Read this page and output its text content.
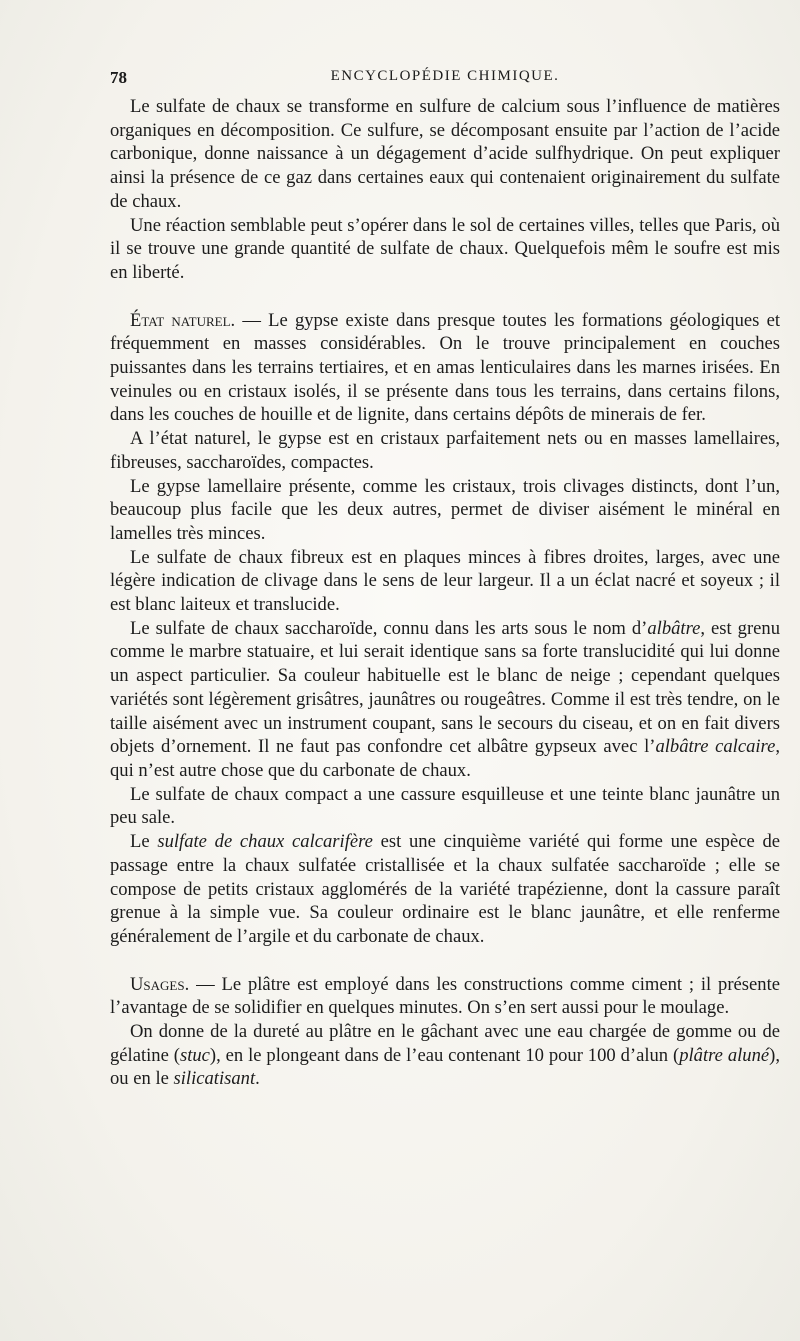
78	ENCYCLOPÉDIE CHIMIQUE.

Le sulfate de chaux se transforme en sulfure de calcium sous l’influence de matières organiques en décomposition. Ce sulfure, se décomposant ensuite par l’action de l’acide carbonique, donne naissance à un dégagement d’acide sulfhydrique. On peut expliquer ainsi la présence de ce gaz dans certaines eaux qui contenaient originairement du sulfate de chaux.

Une réaction semblable peut s’opérer dans le sol de certaines villes, telles que Paris, où il se trouve une grande quantité de sulfate de chaux. Quelquefois mêm le soufre est mis en liberté.

État naturel. — Le gypse existe dans presque toutes les formations géologiques et fréquemment en masses considérables. On le trouve principalement en couches puissantes dans les terrains tertiaires, et en amas lenticulaires dans les marnes irisées. En veinules ou en cristaux isolés, il se présente dans tous les terrains, dans certains filons, dans les couches de houille et de lignite, dans certains dépôts de minerais de fer.

A l’état naturel, le gypse est en cristaux parfaitement nets ou en masses lamellaires, fibreuses, saccharoïdes, compactes.

Le gypse lamellaire présente, comme les cristaux, trois clivages distincts, dont l’un, beaucoup plus facile que les deux autres, permet de diviser aisément le minéral en lamelles très minces.

Le sulfate de chaux fibreux est en plaques minces à fibres droites, larges, avec une légère indication de clivage dans le sens de leur largeur. Il a un éclat nacré et soyeux ; il est blanc laiteux et translucide.

Le sulfate de chaux saccharoïde, connu dans les arts sous le nom d’albâtre, est grenu comme le marbre statuaire, et lui serait identique sans sa forte translucidité qui lui donne un aspect particulier. Sa couleur habituelle est le blanc de neige ; cependant quelques variétés sont légèrement grisâtres, jaunâtres ou rougeâtres. Comme il est très tendre, on le taille aisément avec un instrument coupant, sans le secours du ciseau, et on en fait divers objets d’ornement. Il ne faut pas confondre cet albâtre gypseux avec l’albâtre calcaire, qui n’est autre chose que du carbonate de chaux.

Le sulfate de chaux compact a une cassure esquilleuse et une teinte blanc jaunâtre un peu sale.

Le sulfate de chaux calcarifère est une cinquième variété qui forme une espèce de passage entre la chaux sulfatée cristallisée et la chaux sulfatée saccharoïde ; elle se compose de petits cristaux agglomérés de la variété trapézienne, dont la cassure paraît grenue à la simple vue. Sa couleur ordinaire est le blanc jaunâtre, et elle renferme généralement de l’argile et du carbonate de chaux.

Usages. — Le plâtre est employé dans les constructions comme ciment ; il présente l’avantage de se solidifier en quelques minutes. On s’en sert aussi pour le moulage.

On donne de la dureté au plâtre en le gâchant avec une eau chargée de gomme ou de gélatine (stuc), en le plongeant dans de l’eau contenant 10 pour 100 d’alun (plâtre aluné), ou en le silicatisant.
